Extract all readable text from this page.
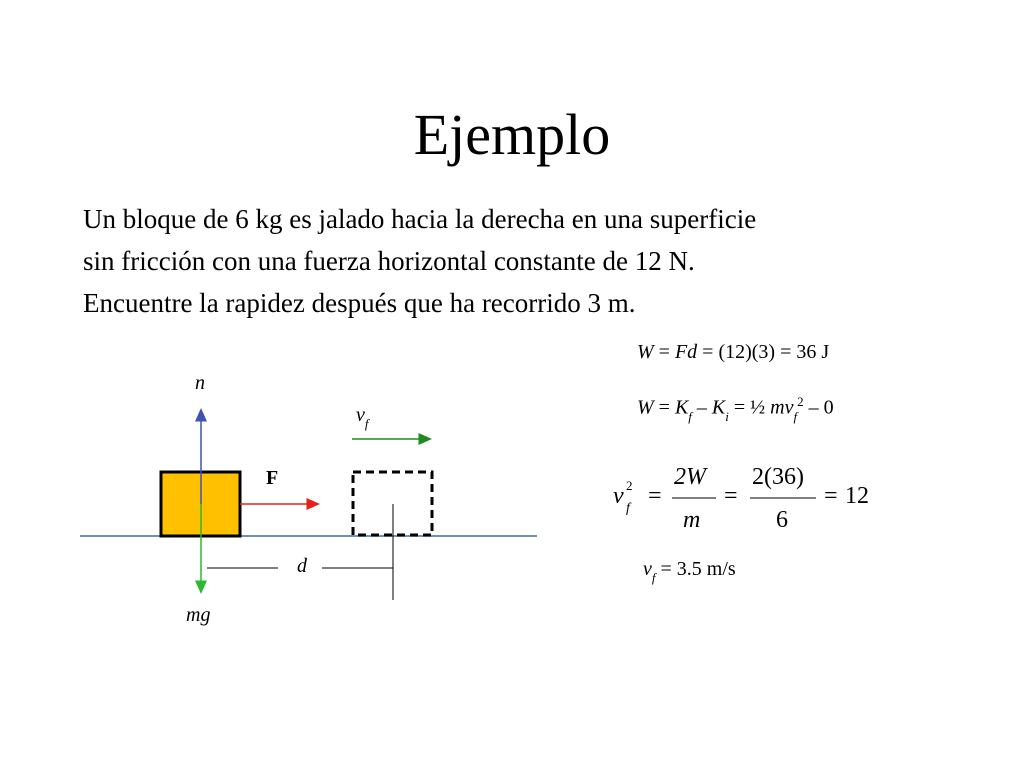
Ejemplo
Un bloque de 6 kg es jalado hacia la derecha en una superficie
sin fricción con una fuerza horizontal constante de 12 N.
Encuentre la rapidez después que ha recorrido 3 m.
n
mg
F
$v_f$
d
W = Fd = (12)(3) = 36 J
$W = K_f - K_i$ = ½ $mv_f^2 - 0$
v 2
f =
2W
m
=
2(36)
6
= 12
$v_f = 3.5$ m/s
